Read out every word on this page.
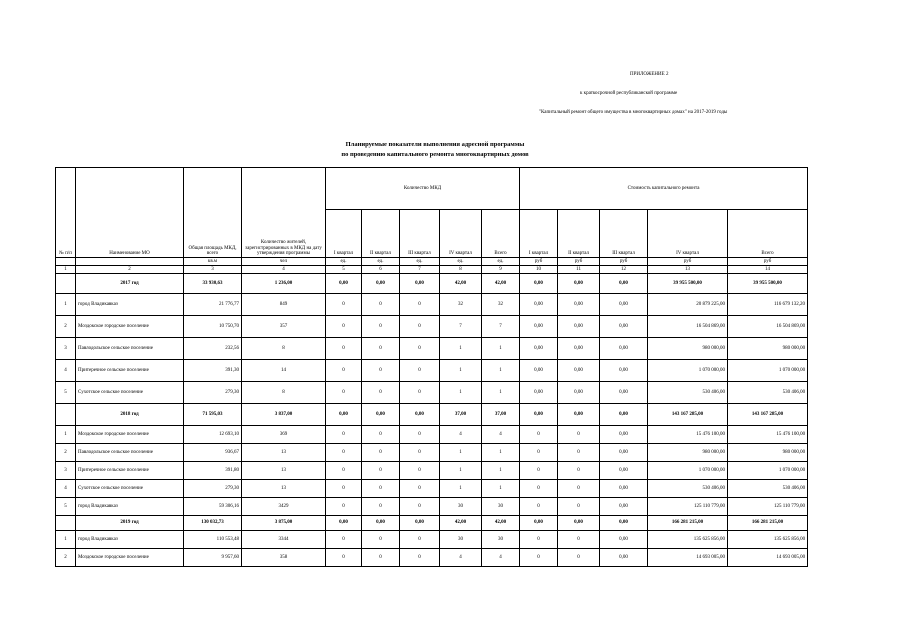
ПРИЛОЖЕНИЕ 2
к краткосрочной республиканской программе
"Капитальный ремонт общего имущества в многоквартирных домах" на 2017-2019 годы
Планируемые показатели выполнения адресной программы
по проведению капитального ремонта многоквартирных домов
№ п/п	Наименование МО	Общая площадь МКД, всего	Количество жителей, зарегистрированных в МКД на дату утверждения программы	Количество МКД					Стоимость капитального ремонта				
				I квартал	II квартал	III квартал	IV квартал	Всего	I квартал	II квартал	III квартал	IV квартал	Всего
		кв.м	чел	ед.	ед.	ед.	ед.	ед.	руб	руб	руб	руб	руб
1	2	3	4	5	6	7	8	9	10	11	12	13	14
	2017 год	33 930,63	1 236,00	0,00	0,00	0,00	42,00	42,00	0,00	0,00	0,00	39 955 500,00	39 955 500,00
1	город Владикавказ	21 776,77	849	0	0	0	32	32	0,00	0,00	0,00	20 879 225,00	116 679 132,20
2	Моздокское городское поселение	10 750,70	357	0	0	0	7	7	0,00	0,00	0,00	16 504 869,00	16 504 869,00
3	Павлодольское сельское поселение	232,56	8	0	0	0	1	1	0,00	0,00	0,00	980 000,00	980 000,00
4	Притеречное сельское поселение	391,30	14	0	0	0	1	1	0,00	0,00	0,00	1 070 000,00	1 070 000,00
5	Сухотское сельское поселение	279,30	8	0	0	0	1	1	0,00	0,00	0,00	530 406,00	530 406,00
	2018 год	71 595,03	3 837,00	0,00	0,00	0,00	37,00	37,00	0,00	0,00	0,00	143 167 285,00	143 167 285,00
1	Моздокское городское поселение	12 693,10	369	0	0	0	4	4	0	0	0,00	15 476 100,00	15 476 100,00
2	Павлодольское сельское поселение	936,67	13	0	0	0	1	1	0	0	0,00	980 000,00	980 000,00
3	Притеречное сельское поселение	391,80	13	0	0	0	1	1	0	0	0,00	1 070 000,00	1 070 000,00
4	Сухотское сельское поселение	279,30	13	0	0	0	1	1	0	0	0,00	530 406,00	530 406,00
5	город Владикавказ	59 306,16	3429	0	0	0	30	30	0	0	0,00	125 110 779,00	125 110 779,00
	2019 год	130 032,73	3 875,00	0,00	0,00	0,00	42,00	42,00	0,00	0,00	0,00	166 281 215,00	166 281 215,00
1	город Владикавказ	110 553,48	3344	0	0	0	30	30	0	0	0,00	135 625 856,00	135 625 856,00
2	Моздокское городское поселение	9 957,60	358	0	0	0	4	4	0	0	0,00	14 693 005,00	14 693 005,00
